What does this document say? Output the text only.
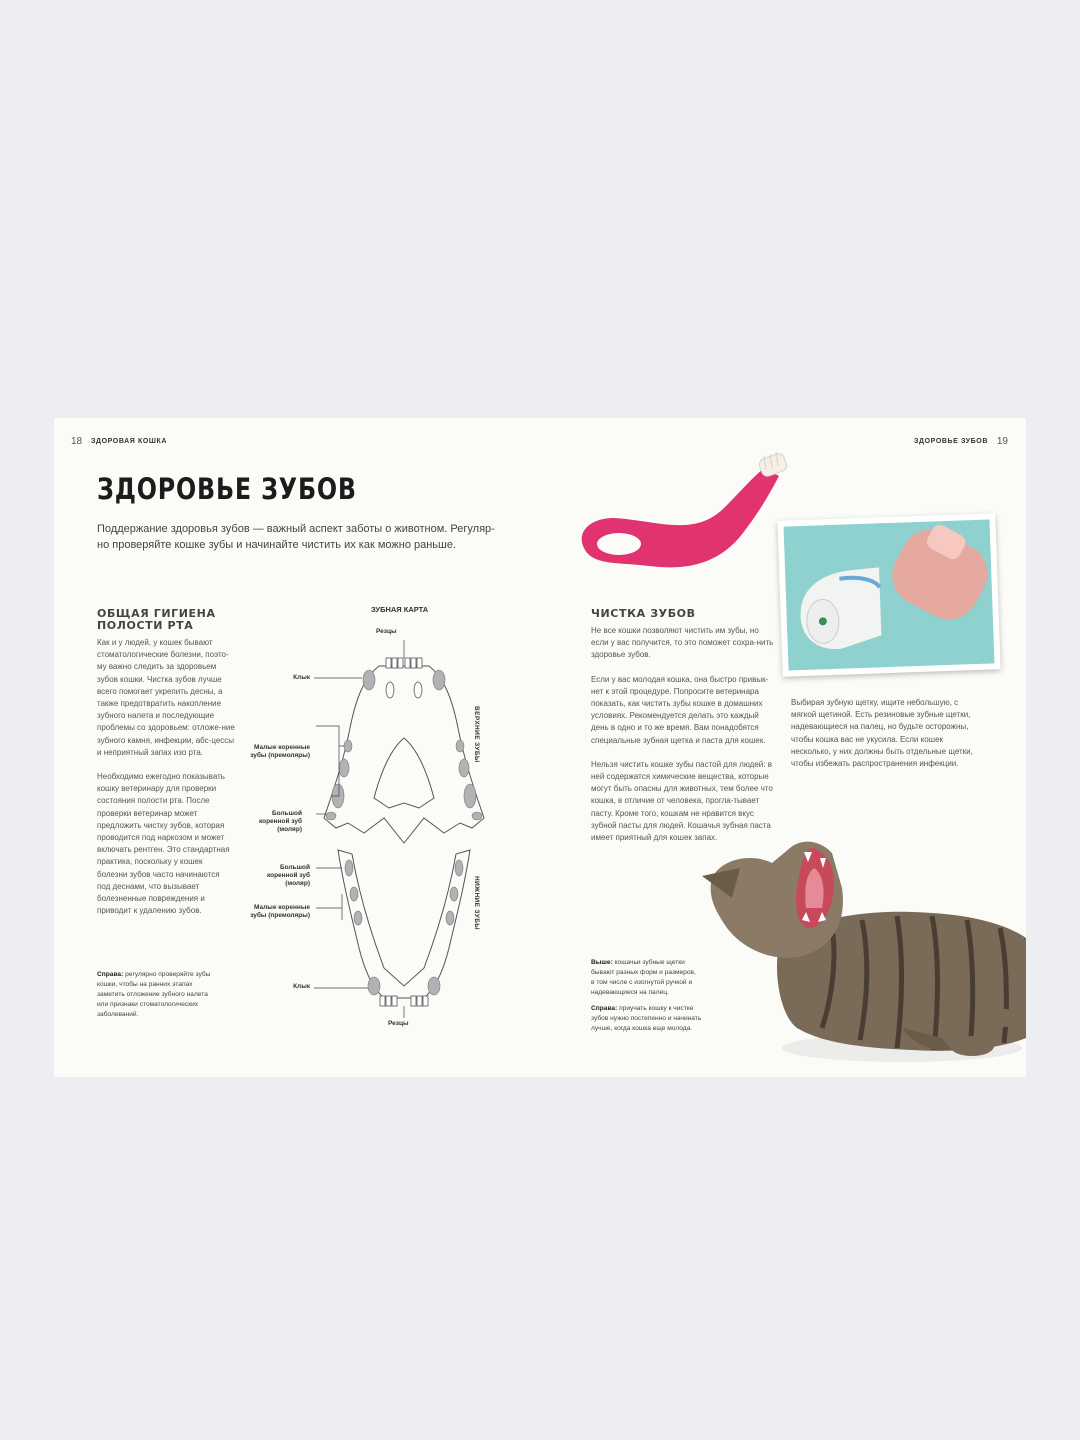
18 ЗДОРОВАЯ КОШКА	ЗДОРОВЬЕ ЗУБОВ 19
ЗДОРОВЬЕ ЗУБОВ
Поддержание здоровья зубов — важный аспект заботы о животном. Регуляр-но проверяйте кошке зубы и начинайте чистить их как можно раньше.
ОБЩАЯ ГИГИЕНА ПОЛОСТИ РТА

Как и у людей, у кошек бывают стоматологические болезни, поэто-му важно следить за здоровьем зубов кошки. Чистка зубов лучше всего помогает укрепить десны, а также предотвратить накопление зубного налета и последующие проблемы со здоровьем: отложе-ние зубного камня, инфекции, абс-цессы и неприятный запах изо рта.

Необходимо ежегодно показывать кошку ветеринару для проверки состояния полости рта. После проверки ветеринар может предложить чистку зубов, которая проводится под наркозом и может включать рентген. Это стандартная практика, поскольку у кошек болезни зубов часто начинаются под деснами, что вызывает болезненные повреждения и приводит к удалению зубов.

Справа: регулярно проверяйте зубы кошки, чтобы на ранних этапах заметить отложение зубного налета или признаки стоматологических заболеваний.
ЗУБНАЯ КАРТА
Резцы
Клык
Малые коренные зубы (премоляры)
Большой коренной зуб (моляр)
Большой коренной зуб (моляр)
Малые коренные зубы (премоляры)
Клык
Резцы
ВЕРХНИЕ ЗУБЫ
НИЖНИЕ ЗУБЫ
ЧИСТКА ЗУБОВ

Не все кошки позволяют чистить им зубы, но если у вас получится, то это поможет сохра-нить здоровье зубов.

Если у вас молодая кошка, она быстро привык-нет к этой процедуре. Попросите ветеринара показать, как чистить зубы кошке в домашних условиях. Рекомендуется делать это каждый день в одно и то же время. Вам понадобятся специальные зубная щетка и паста для кошек.

Нельзя чистить кошке зубы пастой для людей: в ней содержатся химические вещества, которые могут быть опасны для животных, тем более что кошка, в отличие от человека, прогла-тывает пасту. Кроме того, кошкам не нравится вкус зубной пасты для людей. Кошачья зубная паста имеет приятный для кошек запах.

Выбирая зубную щетку, ищите небольшую, с мягкой щетиной. Есть резиновые зубные щетки, надевающиеся на палец, но будьте осторожны, чтобы кошка вас не укусила. Если кошек несколько, у них должны быть отдельные щетки, чтобы избежать распространения инфекции.
Выше: кошачьи зубные щетки бывают разных форм и размеров, в том числе с изогнутой ручкой и надевающиеся на палец.
Справа: приучать кошку к чистке зубов нужно постепенно и начинать лучше, когда кошка еще молода.
